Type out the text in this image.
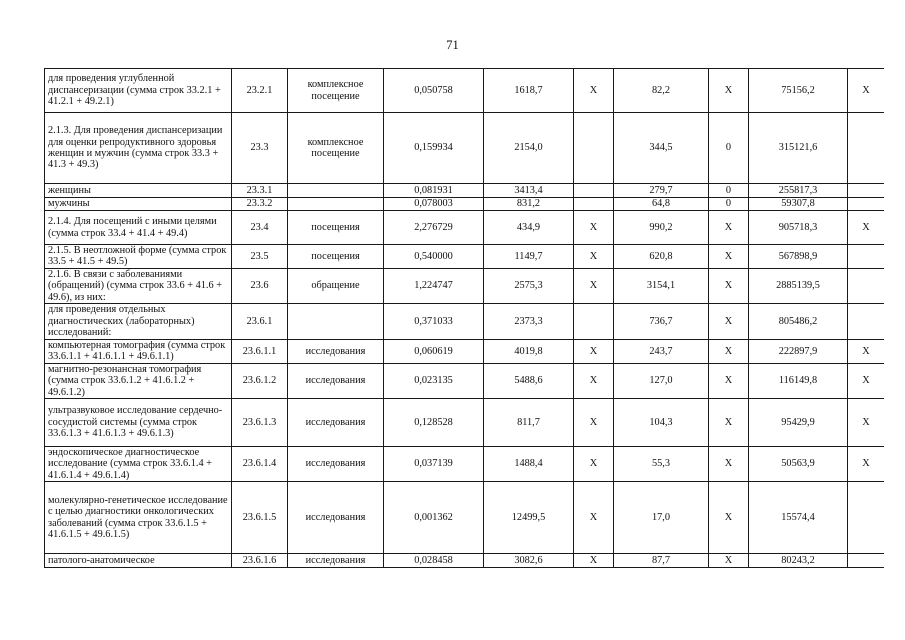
71
для проведения углубленной диспансеризации (сумма строк 33.2.1 + 41.2.1 + 49.2.1)	23.2.1	комплексное посещение	0,050758	1618,7	X	82,2	X	75156,2	X
2.1.3. Для проведения диспансеризации для оценки репродуктивного здоровья женщин и мужчин (сумма строк 33.3 + 41.3 + 49.3)	23.3	комплексное посещение	0,159934	2154,0		344,5	0	315121,6	
женщины	23.3.1		0,081931	3413,4		279,7	0	255817,3	
мужчины	23.3.2		0,078003	831,2		64,8	0	59307,8	
2.1.4. Для посещений с иными целями (сумма строк 33.4 + 41.4 + 49.4)	23.4	посещения	2,276729	434,9	X	990,2	X	905718,3	X
2.1.5. В неотложной форме (сумма строк 33.5 + 41.5 + 49.5)	23.5	посещения	0,540000	1149,7	X	620,8	X	567898,9	
2.1.6. В связи с заболеваниями (обращений) (сумма строк 33.6 + 41.6 + 49.6), из них:	23.6	обращение	1,224747	2575,3	X	3154,1	X	2885139,5	
для проведения отдельных диагностических (лабораторных) исследований:	23.6.1		0,371033	2373,3		736,7	X	805486,2	
компьютерная томография (сумма строк 33.6.1.1 + 41.6.1.1 + 49.6.1.1)	23.6.1.1	исследования	0,060619	4019,8	X	243,7	X	222897,9	X
магнитно-резонансная томография (сумма строк 33.6.1.2 + 41.6.1.2 + 49.6.1.2)	23.6.1.2	исследования	0,023135	5488,6	X	127,0	X	116149,8	X
ультразвуковое исследование сердечно-сосудистой системы (сумма строк 33.6.1.3 + 41.6.1.3 + 49.6.1.3)	23.6.1.3	исследования	0,128528	811,7	X	104,3	X	95429,9	X
эндоскопическое диагностическое исследование (сумма строк 33.6.1.4 + 41.6.1.4 + 49.6.1.4)	23.6.1.4	исследования	0,037139	1488,4	X	55,3	X	50563,9	X
молекулярно-генетическое исследование с целью диагностики онкологических заболеваний (сумма строк 33.6.1.5 + 41.6.1.5 + 49.6.1.5)	23.6.1.5	исследования	0,001362	12499,5	X	17,0	X	15574,4	
патолого-анатомическое	23.6.1.6	исследования	0,028458	3082,6	X	87,7	X	80243,2	
